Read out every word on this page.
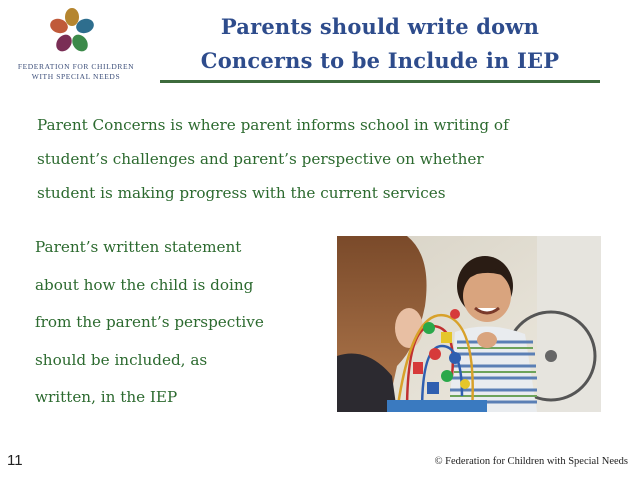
FEDERATION FOR CHILDREN
WITH SPECIAL NEEDS
Parents should write down
Concerns to be Include in IEP
Parent Concerns is where parent informs school in writing of
student’s challenges and parent’s perspective on whether
student is making progress with the current services
Parent’s written statement
about how the child is doing
from the parent’s perspective
should be included, as
written, in the IEP
11	© Federation for Children with Special Needs
